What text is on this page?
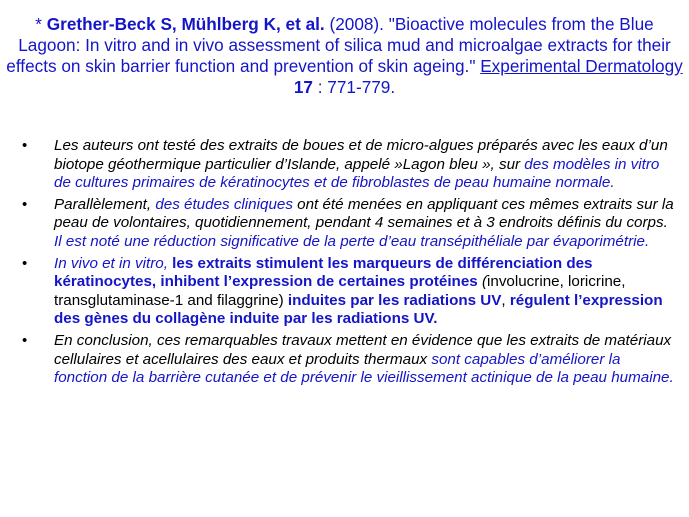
* Grether-Beck S, Mühlberg K, et al. (2008). "Bioactive molecules from the Blue Lagoon: In vitro and in vivo assessment of silica mud and microalgae extracts for their effects on skin barrier function and prevention of skin ageing." Experimental Dermatology 17 : 771-779.
•	Les auteurs ont testé des extraits de boues et de micro-algues préparés avec les eaux d’un biotope géothermique particulier d’Islande, appelé »Lagon bleu », sur des modèles in vitro de cultures primaires de kératinocytes et de fibroblastes de peau humaine normale.
•	Parallèlement, des études cliniques ont été menées en appliquant ces mêmes extraits sur la peau de volontaires, quotidiennement, pendant 4 semaines et à 3 endroits définis du corps. Il est noté une réduction significative de la perte d’eau transépithéliale par évaporimétrie.
•	In vivo et in vitro, les extraits stimulent les marqueurs de différenciation des kératinocytes, inhibent l’expression de certaines protéines (involucrine, loricrine, transglutaminase-1 and filaggrine) induites par les radiations UV, régulent l’expression des gènes du collagène induite par les radiations UV.
•	En conclusion, ces remarquables travaux mettent en évidence que les extraits de matériaux cellulaires et acellulaires des eaux et produits thermaux sont capables d’améliorer la fonction de la barrière cutanée et de prévenir le vieillissement actinique de la peau humaine.
